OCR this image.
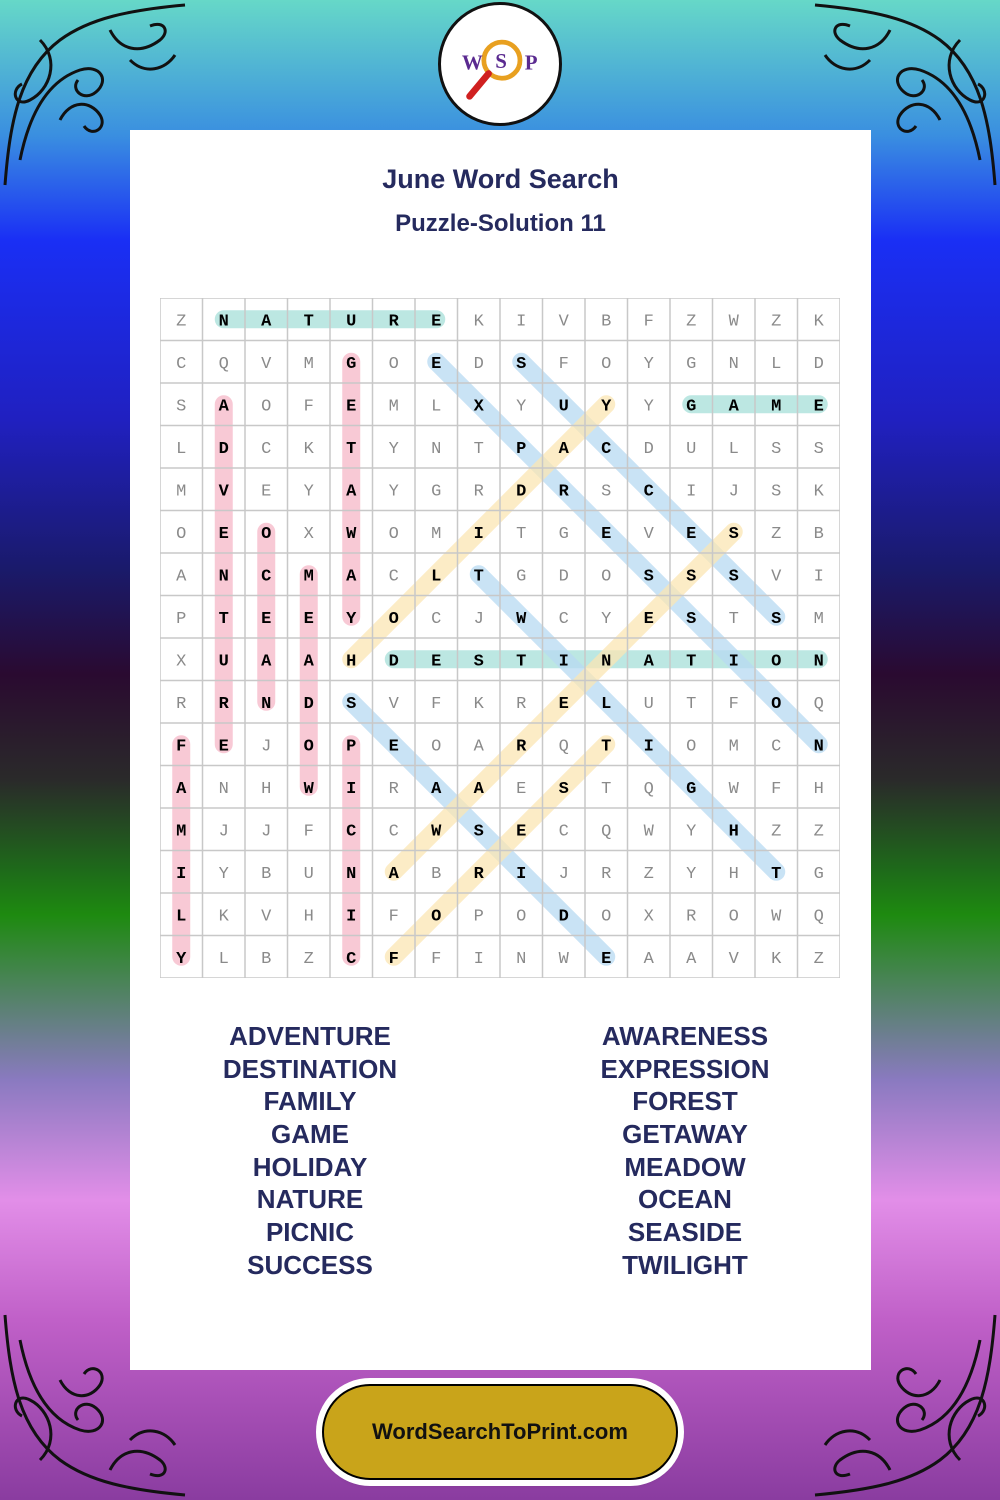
W S P
June Word Search
Puzzle-Solution 11
Z N A T U R E K I V B F Z W Z K
C Q V M G O E D S F O Y G N L D
S A O F E M L X Y U Y Y G A M E
L D C K T Y N T P A C D U L S S
M V E Y A Y G R D R S C I J S K
O E O X W O M I T G E V E S Z B
A N C M A C L T G D O S S S V I
P T E E Y O C J W C Y E S T S M
X U A A H D E S T I N A T I O N
R R N D S V F K R E L U T F O Q
F E J O P E O A R Q T I O M C N
A N H W I R A A E S T Q G W F H
M J J F C C W S E C Q W Y H Z Z
I Y B U N A B R I J R Z Y H T G
L K V H I F O P O D O X R O W Q
Y L B Z C F F I N W E A A V K Z
ADVENTURE
DESTINATION
FAMILY
GAME
HOLIDAY
NATURE
PICNIC
SUCCESS
AWARENESS
EXPRESSION
FOREST
GETAWAY
MEADOW
OCEAN
SEASIDE
TWILIGHT
WordSearchToPrint.com
